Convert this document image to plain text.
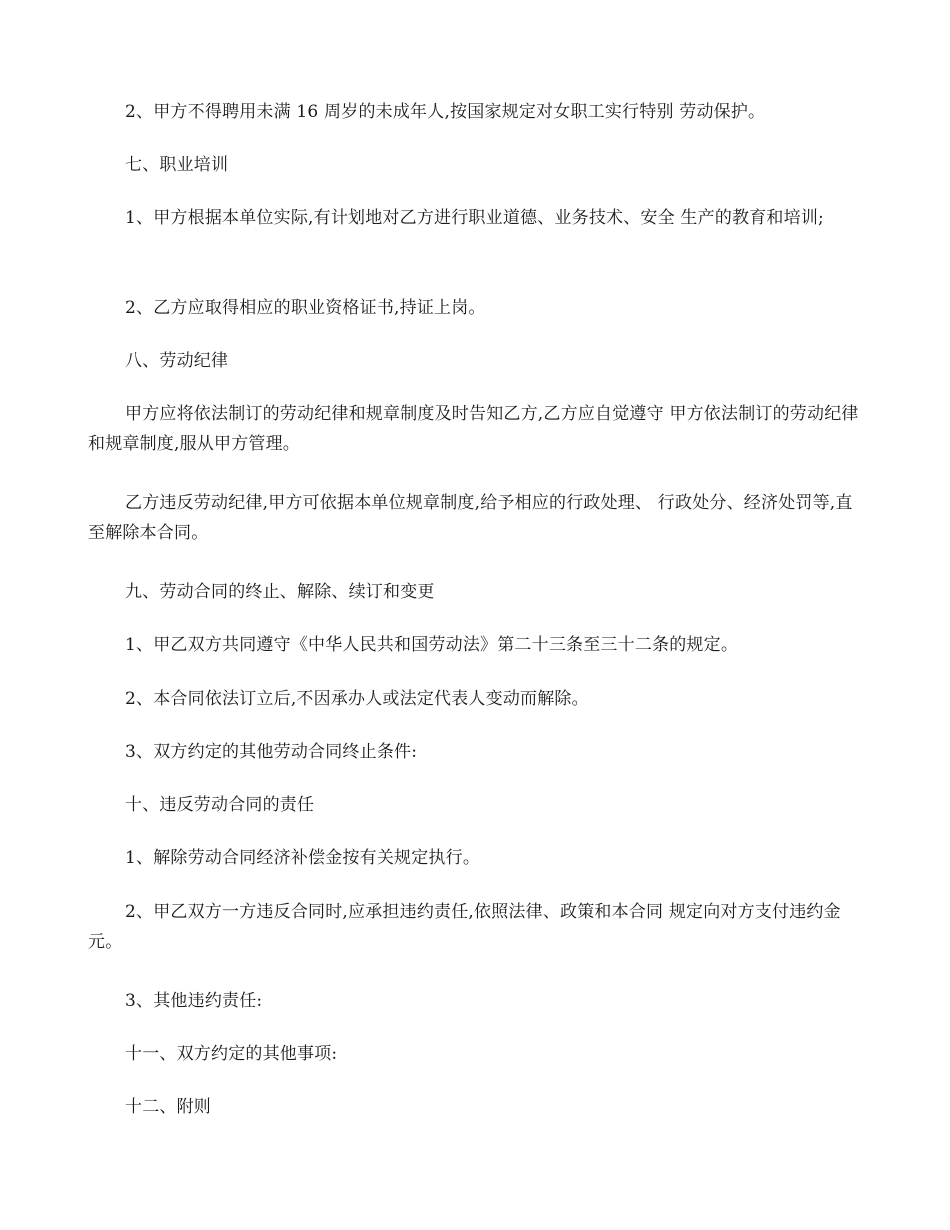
2、甲方不得聘用未满 16 周岁的未成年人,按国家规定对女职工实行特别 劳动保护。

七、职业培训

1、甲方根据本单位实际,有计划地对乙方进行职业道德、业务技术、安全 生产的教育和培训;

2、乙方应取得相应的职业资格证书,持证上岗。

八、劳动纪律

甲方应将依法制订的劳动纪律和规章制度及时告知乙方,乙方应自觉遵守 甲方依法制订的劳动纪律和规章制度,服从甲方管理。

乙方违反劳动纪律,甲方可依据本单位规章制度,给予相应的行政处理、 行政处分、经济处罚等,直至解除本合同。

九、劳动合同的终止、解除、续订和变更

1、甲乙双方共同遵守《中华人民共和国劳动法》第二十三条至三十二条的规定。

2、本合同依法订立后,不因承办人或法定代表人变动而解除。

3、双方约定的其他劳动合同终止条件:

十、违反劳动合同的责任

1、解除劳动合同经济补偿金按有关规定执行。

2、甲乙双方一方违反合同时,应承担违约责任,依照法律、政策和本合同 规定向对方支付违约金 元。

3、其他违约责任:

十一、双方约定的其他事项:

十二、附则
